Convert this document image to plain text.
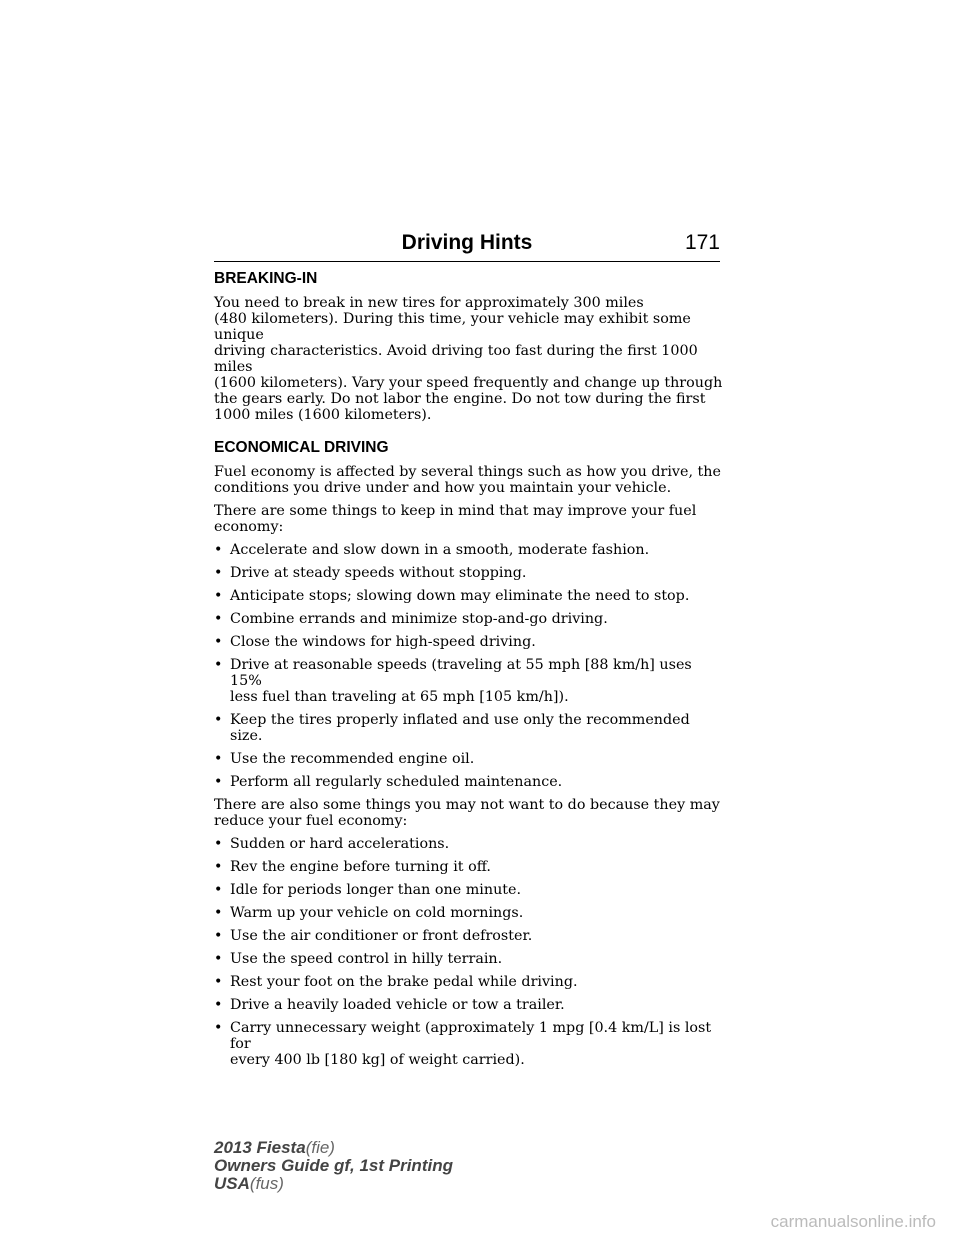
Driving Hints	171
BREAKING-IN
You need to break in new tires for approximately 300 miles
(480 kilometers). During this time, your vehicle may exhibit some unique
driving characteristics. Avoid driving too fast during the first 1000 miles
(1600 kilometers). Vary your speed frequently and change up through
the gears early. Do not labor the engine. Do not tow during the first
1000 miles (1600 kilometers).
ECONOMICAL DRIVING
Fuel economy is affected by several things such as how you drive, the
conditions you drive under and how you maintain your vehicle.
There are some things to keep in mind that may improve your fuel
economy:
• Accelerate and slow down in a smooth, moderate fashion.
• Drive at steady speeds without stopping.
• Anticipate stops; slowing down may eliminate the need to stop.
• Combine errands and minimize stop-and-go driving.
• Close the windows for high-speed driving.
• Drive at reasonable speeds (traveling at 55 mph [88 km/h] uses 15%
less fuel than traveling at 65 mph [105 km/h]).
• Keep the tires properly inflated and use only the recommended size.
• Use the recommended engine oil.
• Perform all regularly scheduled maintenance.
There are also some things you may not want to do because they may
reduce your fuel economy:
• Sudden or hard accelerations.
• Rev the engine before turning it off.
• Idle for periods longer than one minute.
• Warm up your vehicle on cold mornings.
• Use the air conditioner or front defroster.
• Use the speed control in hilly terrain.
• Rest your foot on the brake pedal while driving.
• Drive a heavily loaded vehicle or tow a trailer.
• Carry unnecessary weight (approximately 1 mpg [0.4 km/L] is lost for
every 400 lb [180 kg] of weight carried).
2013 Fiesta(fie)
Owners Guide gf, 1st Printing
USA(fus)
carmanualsonline.info
